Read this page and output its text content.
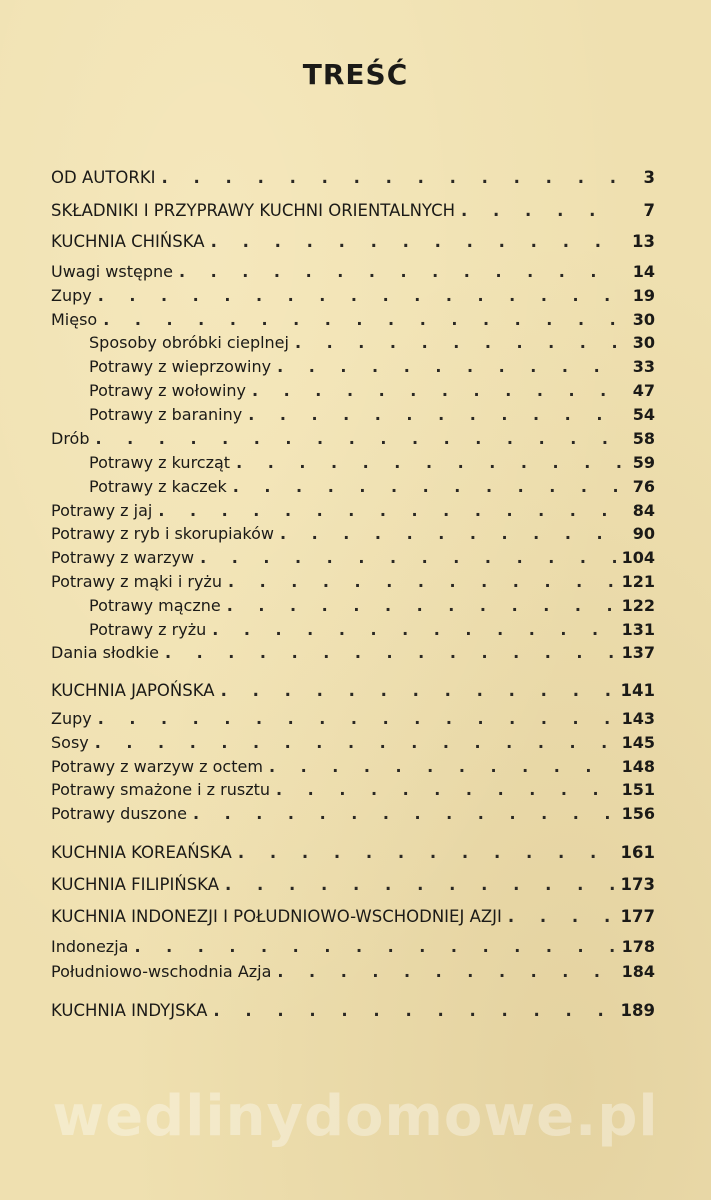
TREŚĆ
OD AUTORKI . . .	3
SKŁADNIKI I PRZYPRAWY KUCHNI ORIENTALNYCH . . .	7
KUCHNIA CHIŃSKA . . .	13
Uwagi wstępne . . .	14
Zupy . . .	19
Mięso . . .	30
Sposoby obróbki cieplnej . . .	30
Potrawy z wieprzowiny . . .	33
Potrawy z wołowiny . . .	47
Potrawy z baraniny . . .	54
Drób . . .	58
Potrawy z kurcząt . . .	59
Potrawy z kaczek . . .	76
Potrawy z jaj . . .	84
Potrawy z ryb i skorupiaków . . .	90
Potrawy z warzyw . . .	104
Potrawy z mąki i ryżu . . .	121
Potrawy mączne . . .	122
Potrawy z ryżu . . .	131
Dania słodkie . . .	137
KUCHNIA JAPOŃSKA . . .	141
Zupy . . .	143
Sosy . . .	145
Potrawy z warzyw z octem . . .	148
Potrawy smażone i z rusztu . . .	151
Potrawy duszone . . .	156
KUCHNIA KOREAŃSKA . . .	161
KUCHNIA FILIPIŃSKA . . .	173
KUCHNIA INDONEZJI I POŁUDNIOWO-WSCHODNIEJ AZJI . . .	177
Indonezja . . .	178
Południowo-wschodnia Azja . . .	184
KUCHNIA INDYJSKA . . .	189
wedlinydomowe.pl
